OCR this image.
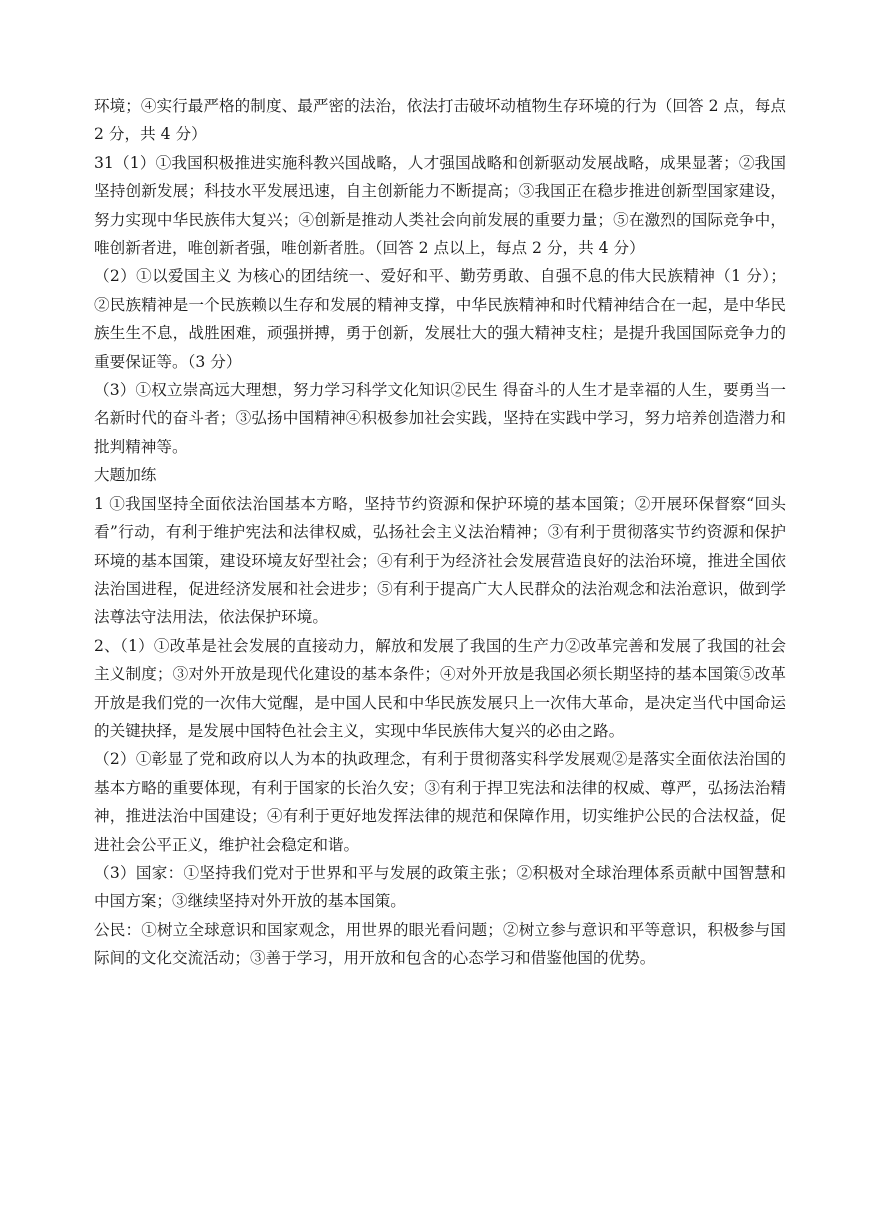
环境；④实行最严格的制度、最严密的法治，依法打击破坏动植物生存环境的行为（回答 2 点，每点 2 分，共 4 分）

31（1）①我国积极推进实施科教兴国战略，人才强国战略和创新驱动发展战略，成果显著；②我国坚持创新发展；科技水平发展迅速，自主创新能力不断提高；③我国正在稳步推进创新型国家建设，努力实现中华民族伟大复兴；④创新是推动人类社会向前发展的重要力量；⑤在激烈的国际竞争中，唯创新者进，唯创新者强，唯创新者胜。（回答 2 点以上，每点 2 分，共 4 分）

（2）①以爱国主义 为核心的团结统一、爱好和平、勤劳勇敢、自强不息的伟大民族精神（1 分）；②民族精神是一个民族赖以生存和发展的精神支撑，中华民族精神和时代精神结合在一起，是中华民族生生不息，战胜困难，顽强拼搏，勇于创新，发展壮大的强大精神支柱；是提升我国国际竞争力的重要保证等。（3 分）

（3）①权立崇高远大理想，努力学习科学文化知识②民生 得奋斗的人生才是幸福的人生，要勇当一名新时代的奋斗者；③弘扬中国精神④积极参加社会实践，坚持在实践中学习，努力培养创造潜力和批判精神等。

大题加练

1 ①我国坚持全面依法治国基本方略，坚持节约资源和保护环境的基本国策；②开展环保督察“回头看”行动，有利于维护宪法和法律权威，弘扬社会主义法治精神；③有利于贯彻落实节约资源和保护环境的基本国策，建设环境友好型社会；④有利于为经济社会发展营造良好的法治环境，推进全国依法治国进程，促进经济发展和社会进步；⑤有利于提高广大人民群众的法治观念和法治意识，做到学法尊法守法用法，依法保护环境。

2、（1）①改革是社会发展的直接动力，解放和发展了我国的生产力②改革完善和发展了我国的社会主义制度；③对外开放是现代化建设的基本条件；④对外开放是我国必须长期坚持的基本国策⑤改革开放是我们党的一次伟大觉醒，是中国人民和中华民族发展只上一次伟大革命，是决定当代中国命运的关键抉择，是发展中国特色社会主义，实现中华民族伟大复兴的必由之路。

（2）①彰显了党和政府以人为本的执政理念，有利于贯彻落实科学发展观②是落实全面依法治国的基本方略的重要体现，有利于国家的长治久安；③有利于捍卫宪法和法律的权威、尊严，弘扬法治精神，推进法治中国建设；④有利于更好地发挥法律的规范和保障作用，切实维护公民的合法权益，促进社会公平正义，维护社会稳定和谐。

（3）国家：①坚持我们党对于世界和平与发展的政策主张；②积极对全球治理体系贡献中国智慧和中国方案；③继续坚持对外开放的基本国策。

公民：①树立全球意识和国家观念，用世界的眼光看问题；②树立参与意识和平等意识，积极参与国际间的文化交流活动；③善于学习，用开放和包含的心态学习和借鉴他国的优势。
